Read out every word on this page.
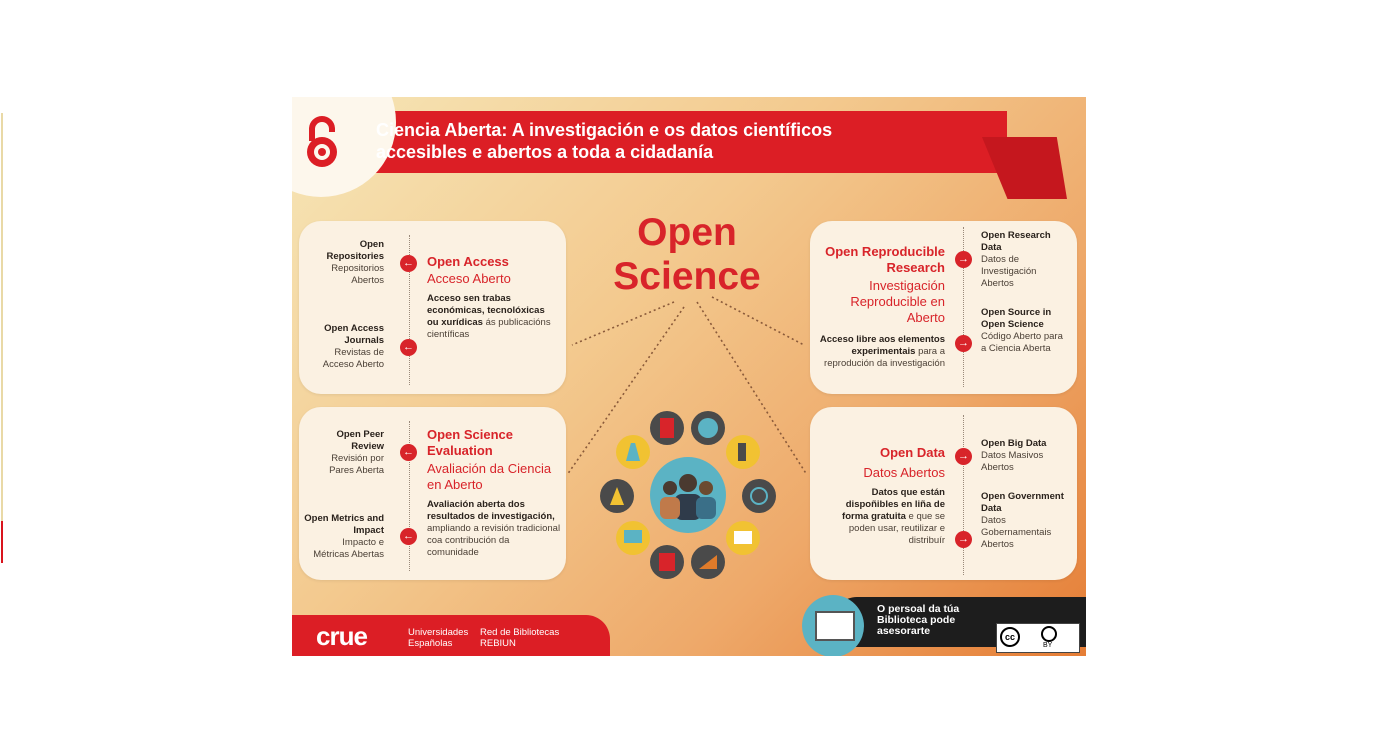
Ciencia Aberta: A investigación e os datos científicos
accesibles e abertos a toda a cidadanía
Open
Science
Open Repositories
Repositorios Abertos
←
Open Access Journals
Revistas de Acceso Aberto
←
Open Access
Acceso Aberto
Acceso sen trabas económicas, tecnolóxicas ou xurídicas ás publicacións científicas
Open Peer Review
Revisión por Pares Aberta
←
Open Metrics and Impact
Impacto e Métricas Abertas
←
Open Science Evaluation
Avaliación da Ciencia en Aberto
Avaliación aberta dos resultados de investigación, ampliando a revisión tradicional coa contribución da comunidade
Open Reproducible Research
Investigación Reproducible en Aberto
Acceso libre aos elementos experimentais para a reprodución da investigación
→
→
Open Research Data
Datos de Investigación Abertos
Open Source in Open Science
Código Aberto para a Ciencia Aberta
Open Data
Datos Abertos
Datos que están dispoñibles en liña de forma gratuita e que se poden usar, reutilizar e distribuír
→
→
Open Big Data
Datos Masivos Abertos
Open Government Data
Datos Gobernamentais Abertos
crue	Universidades Españolas
Red de Bibliotecas REBIUN
O persoal da túa Biblioteca pode asesorarte	cc
BY
